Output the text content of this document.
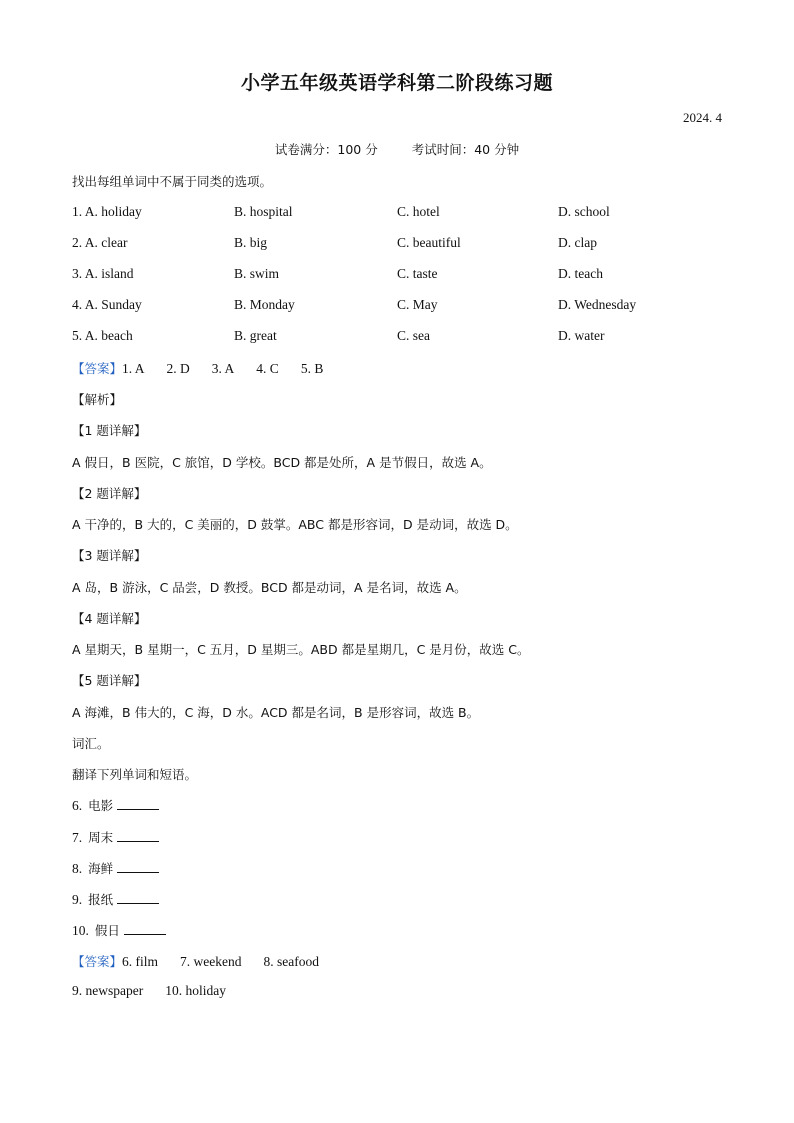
小学五年级英语学科第二阶段练习题
2024. 4
试卷满分：100 分	考试时间：40 分钟
找出每组单词中不属于同类的选项。
1. A. holiday	B. hospital	C. hotel	D. school
2. A. clear	B. big	C. beautiful	D. clap
3. A. island	B. swim	C. taste	D. teach
4. A. Sunday	B. Monday	C. May	D. Wednesday
5. A. beach	B. great	C. sea	D. water
【答案】1. A 2. D 3. A 4. C 5. B
【解析】
【1 题详解】
A 假日，B 医院，C 旅馆，D 学校。BCD 都是处所，A 是节假日，故选 A。
【2 题详解】
A 干净的，B 大的，C 美丽的，D 鼓掌。ABC 都是形容词，D 是动词，故选 D。
【3 题详解】
A 岛，B 游泳，C 品尝，D 教授。BCD 都是动词，A 是名词，故选 A。
【4 题详解】
A 星期天，B 星期一，C 五月，D 星期三。ABD 都是星期几，C 是月份，故选 C。
【5 题详解】
A 海滩，B 伟大的，C 海，D 水。ACD 都是名词，B 是形容词，故选 B。
词汇。
翻译下列单词和短语。
6. 电影
7. 周末
8. 海鲜
9. 报纸
10. 假日
【答案】6. film 7. weekend 8. seafood
9. newspaper 10. holiday
